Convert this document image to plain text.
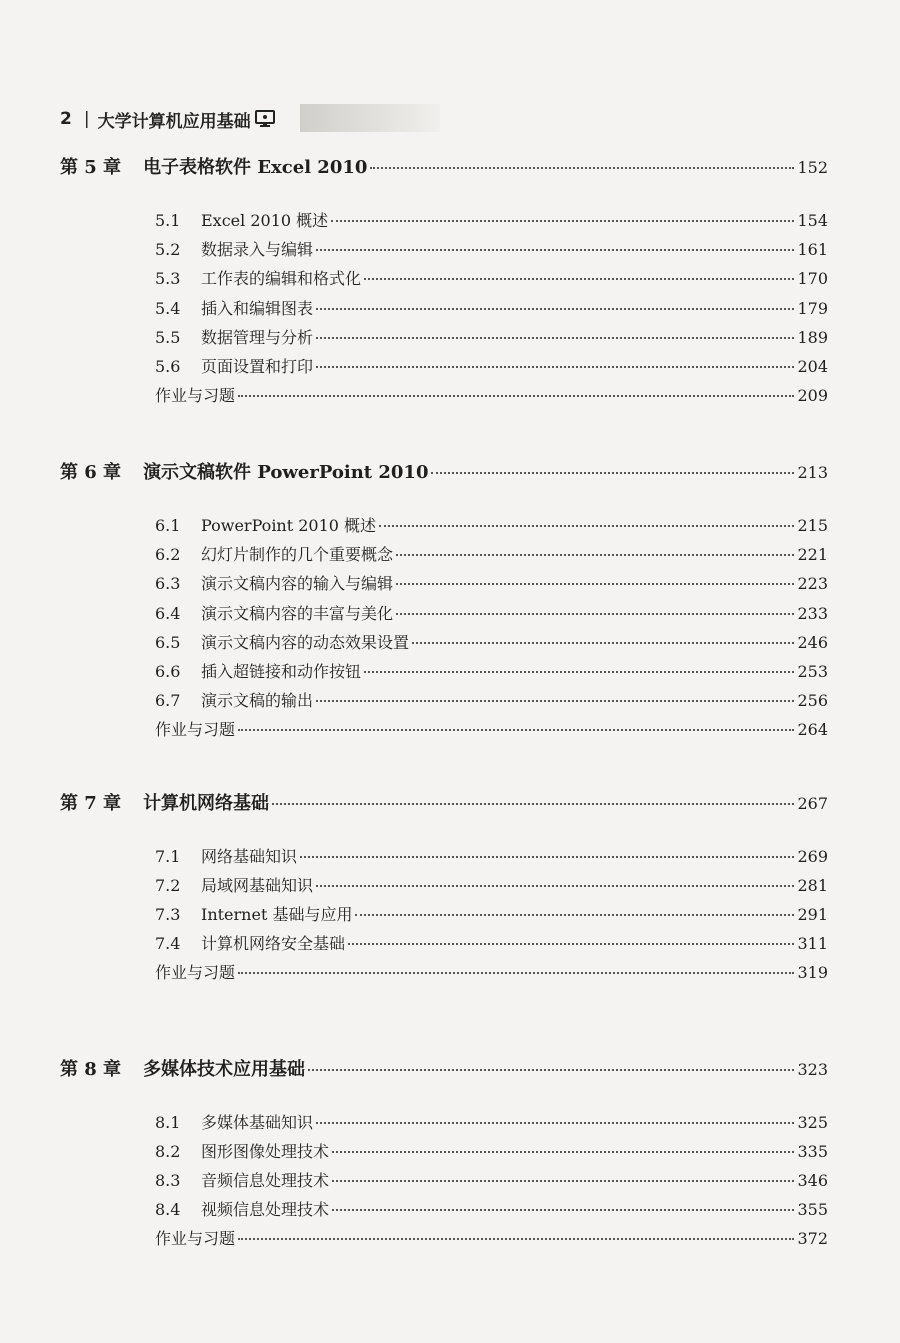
2 | 大学计算机应用基础
第 5 章 电子表格软件 Excel 2010	152
5.1	Excel 2010 概述	154
5.2	数据录入与编辑	161
5.3	工作表的编辑和格式化	170
5.4	插入和编辑图表	179
5.5	数据管理与分析	189
5.6	页面设置和打印	204
作业与习题	209
第 6 章 演示文稿软件 PowerPoint 2010	213
6.1	PowerPoint 2010 概述	215
6.2	幻灯片制作的几个重要概念	221
6.3	演示文稿内容的输入与编辑	223
6.4	演示文稿内容的丰富与美化	233
6.5	演示文稿内容的动态效果设置	246
6.6	插入超链接和动作按钮	253
6.7	演示文稿的输出	256
作业与习题	264
第 7 章 计算机网络基础	267
7.1	网络基础知识	269
7.2	局域网基础知识	281
7.3	Internet 基础与应用	291
7.4	计算机网络安全基础	311
作业与习题	319
第 8 章 多媒体技术应用基础	323
8.1	多媒体基础知识	325
8.2	图形图像处理技术	335
8.3	音频信息处理技术	346
8.4	视频信息处理技术	355
作业与习题	372
